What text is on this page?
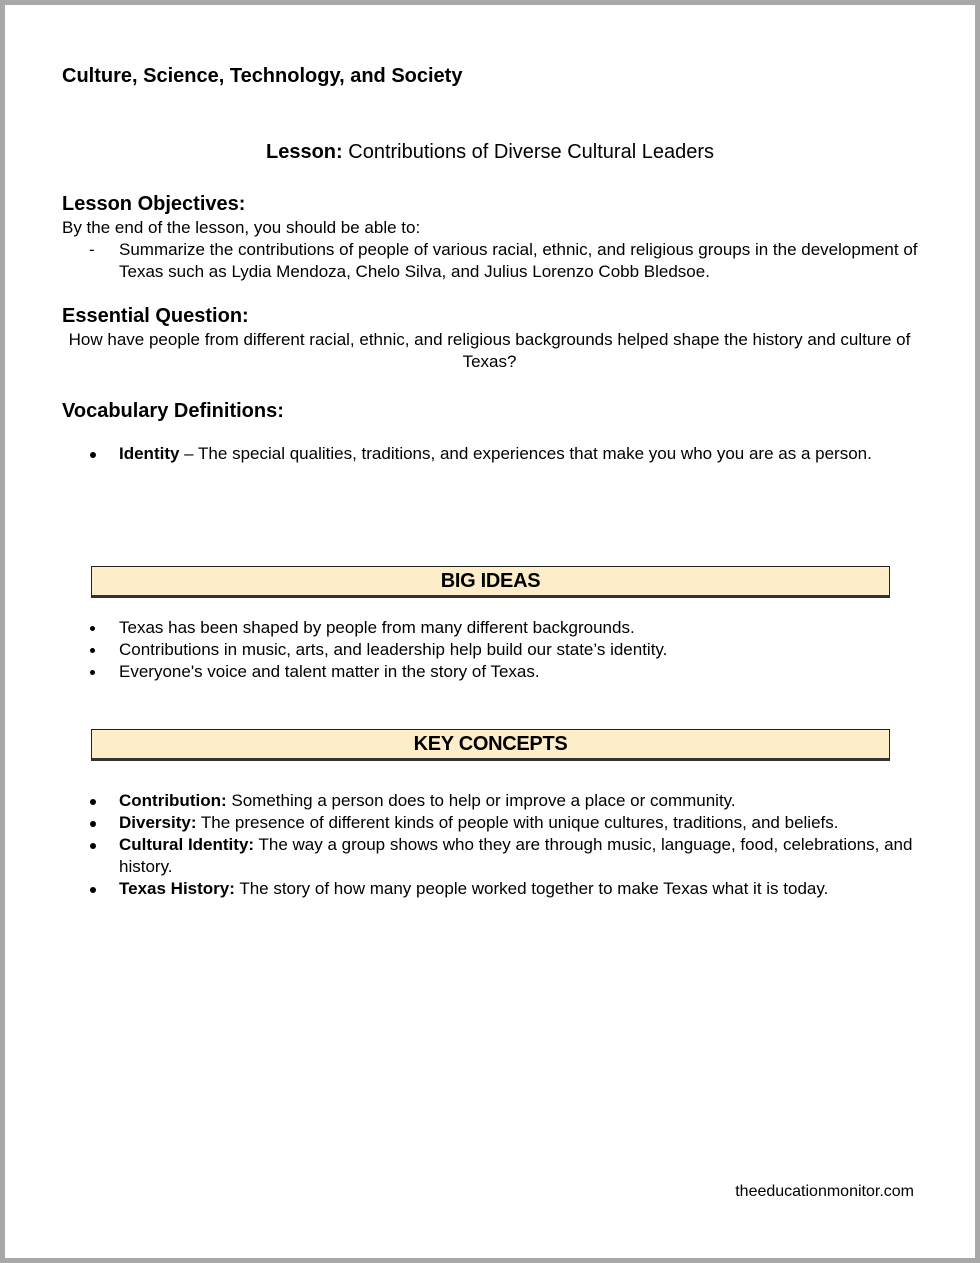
Culture, Science, Technology, and Society
Lesson: Contributions of Diverse Cultural Leaders
Lesson Objectives:
By the end of the lesson, you should be able to:
- Summarize the contributions of people of various racial, ethnic, and religious groups in the development of Texas such as Lydia Mendoza, Chelo Silva, and Julius Lorenzo Cobb Bledsoe.
Essential Question:
How have people from different racial, ethnic, and religious backgrounds helped shape the history and culture of Texas?
Vocabulary Definitions:
Identity – The special qualities, traditions, and experiences that make you who you are as a person.
BIG IDEAS
Texas has been shaped by people from many different backgrounds.
Contributions in music, arts, and leadership help build our state’s identity.
Everyone's voice and talent matter in the story of Texas.
KEY CONCEPTS
Contribution: Something a person does to help or improve a place or community.
Diversity: The presence of different kinds of people with unique cultures, traditions, and beliefs.
Cultural Identity: The way a group shows who they are through music, language, food, celebrations, and history.
Texas History: The story of how many people worked together to make Texas what it is today.
theeducationmonitor.com
